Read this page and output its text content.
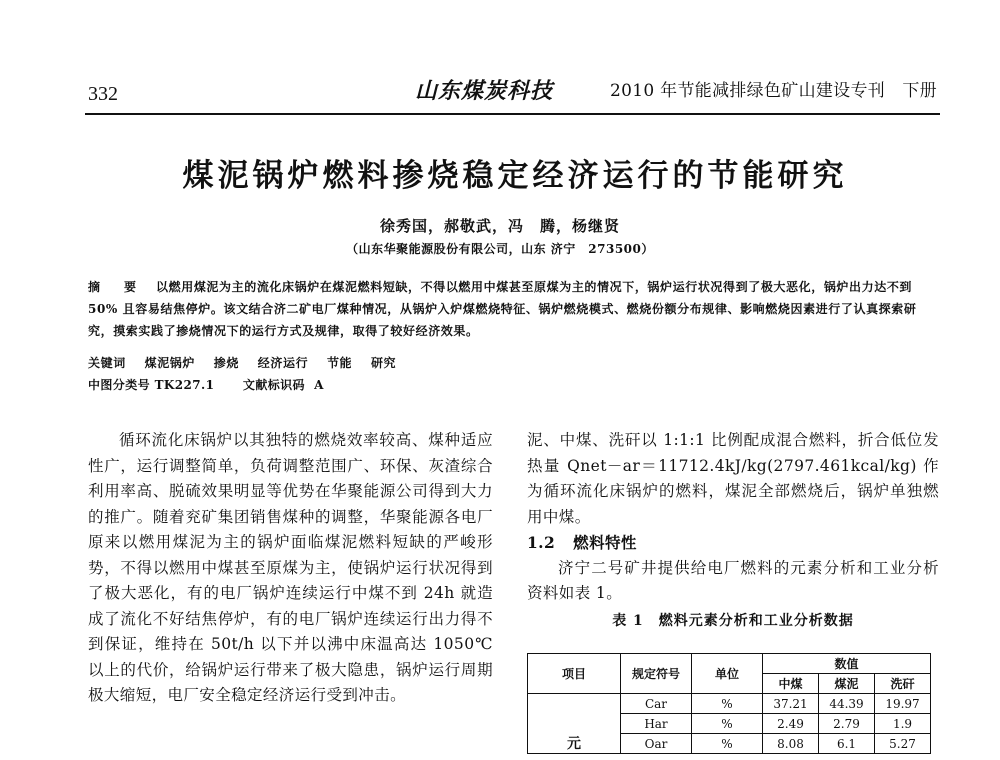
332	山东煤炭科技	2010 年节能减排绿色矿山建设专刊　下册
煤泥锅炉燃料掺烧稳定经济运行的节能研究
徐秀国，郝敬武，冯　腾，杨继贤
（山东华聚能源股份有限公司，山东 济宁　273500）
摘　要 以燃用煤泥为主的流化床锅炉在煤泥燃料短缺，不得以燃用中煤甚至原煤为主的情况下，锅炉运行状况得到了极大恶化，锅炉出力达不到 50% 且容易结焦停炉。该文结合济二矿电厂煤种情况，从锅炉入炉煤燃烧特征、锅炉燃烧模式、燃烧份额分布规律、影响燃烧因素进行了认真探索研究，摸索实践了掺烧情况下的运行方式及规律，取得了较好经济效果。
关键词 煤泥锅炉 掺烧 经济运行 节能 研究
中图分类号 TK227.1 文献标识码 A

循环流化床锅炉以其独特的燃烧效率较高、煤种适应性广，运行调整简单，负荷调整范围广、环保、灰渣综合利用率高、脱硫效果明显等优势在华聚能源公司得到大力的推广。随着兖矿集团销售煤种的调整，华聚能源各电厂原来以燃用煤泥为主的锅炉面临煤泥燃料短缺的严峻形势，不得以燃用中煤甚至原煤为主，使锅炉运行状况得到了极大恶化，有的电厂锅炉连续运行中煤不到 24h 就造成了流化不好结焦停炉，有的电厂锅炉连续运行出力得不到保证，维持在 50t/h 以下并以沸中床温高达 1050℃ 以上的代价，给锅炉运行带来了极大隐患，锅炉运行周期极大缩短，电厂安全稳定经济运行受到冲击。

泥、中煤、洗矸以 1:1:1 比例配成混合燃料，折合低位发热量 Qnet－ar＝11712.4kJ/kg(2797.461kcal/kg) 作为循环流化床锅炉的燃料，煤泥全部燃烧后，锅炉单独燃用中煤。

1.2 燃料特性

济宁二号矿井提供给电厂燃料的元素分析和工业分析资料如表 1。

表 1　燃料元素分析和工业分析数据
项目	规定符号	单位	数值		
			中煤	煤泥	洗矸
元	Car	%	37.21	44.39	19.97
	Har	%	2.49	2.79	1.9
	Oar	%	8.08	6.1	5.27
